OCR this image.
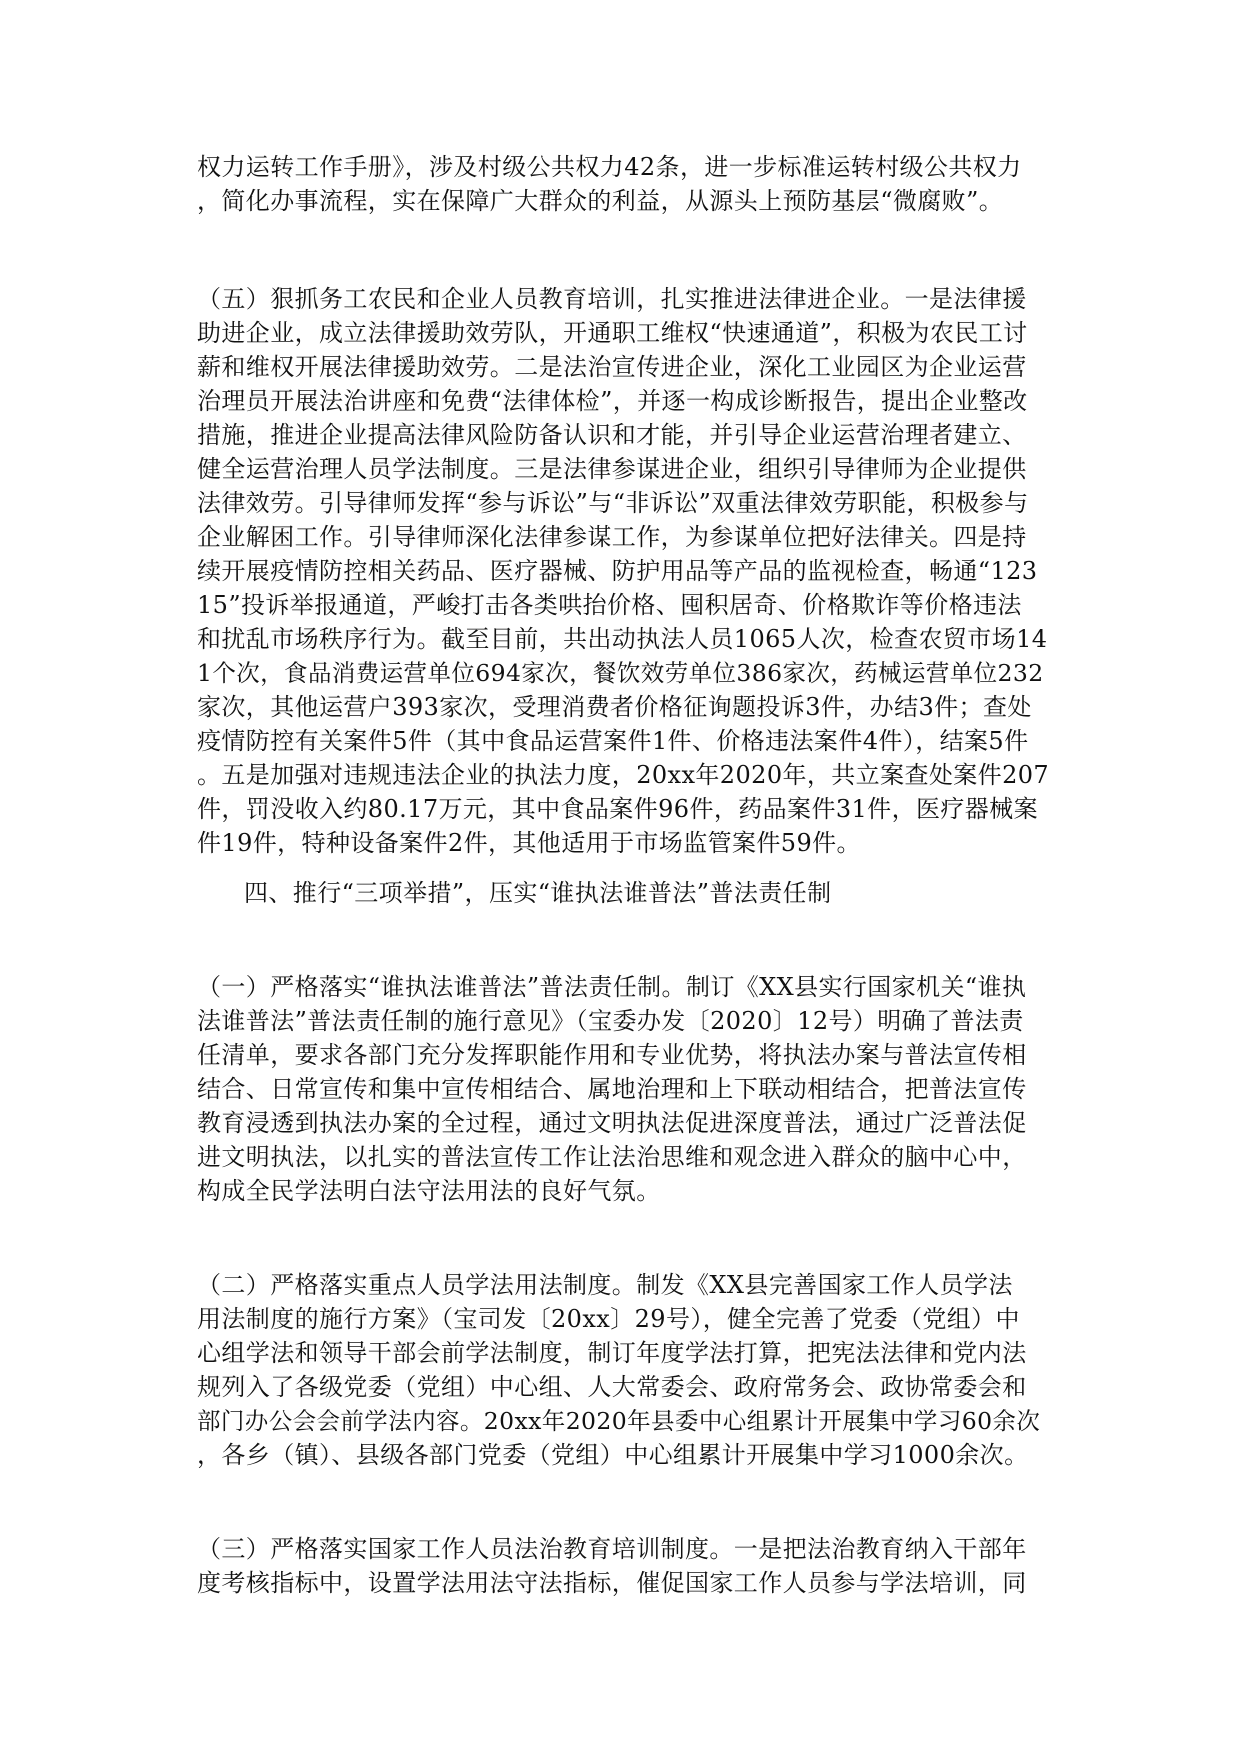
权力运转工作手册》，涉及村级公共权力42条，进一步标准运转村级公共权力
，简化办事流程，实在保障广大群众的利益，从源头上预防基层“微腐败”。
（五）狠抓务工农民和企业人员教育培训，扎实推进法律进企业。一是法律援
助进企业，成立法律援助效劳队，开通职工维权“快速通道”，积极为农民工讨
薪和维权开展法律援助效劳。二是法治宣传进企业，深化工业园区为企业运营
治理员开展法治讲座和免费“法律体检”，并逐一构成诊断报告，提出企业整改
措施，推进企业提高法律风险防备认识和才能，并引导企业运营治理者建立、
健全运营治理人员学法制度。三是法律参谋进企业，组织引导律师为企业提供
法律效劳。引导律师发挥“参与诉讼”与“非诉讼”双重法律效劳职能，积极参与
企业解困工作。引导律师深化法律参谋工作，为参谋单位把好法律关。四是持
续开展疫情防控相关药品、医疗器械、防护用品等产品的监视检查，畅通“123
15”投诉举报通道，严峻打击各类哄抬价格、囤积居奇、价格欺诈等价格违法
和扰乱市场秩序行为。截至目前，共出动执法人员1065人次，检查农贸市场14
1个次，食品消费运营单位694家次，餐饮效劳单位386家次，药械运营单位232
家次，其他运营户393家次，受理消费者价格征询题投诉3件，办结3件；查处
疫情防控有关案件5件（其中食品运营案件1件、价格违法案件4件），结案5件
。五是加强对违规违法企业的执法力度，20xx年2020年，共立案查处案件207
件，罚没收入约80.17万元，其中食品案件96件，药品案件31件，医疗器械案
件19件，特种设备案件2件，其他适用于市场监管案件59件。
四、推行“三项举措”，压实“谁执法谁普法”普法责任制
（一）严格落实“谁执法谁普法”普法责任制。制订《XX县实行国家机关“谁执
法谁普法”普法责任制的施行意见》（宝委办发〔2020〕12号）明确了普法责
任清单，要求各部门充分发挥职能作用和专业优势，将执法办案与普法宣传相
结合、日常宣传和集中宣传相结合、属地治理和上下联动相结合，把普法宣传
教育浸透到执法办案的全过程，通过文明执法促进深度普法，通过广泛普法促
进文明执法，以扎实的普法宣传工作让法治思维和观念进入群众的脑中心中，
构成全民学法明白法守法用法的良好气氛。
（二）严格落实重点人员学法用法制度。制发《XX县完善国家工作人员学法
用法制度的施行方案》（宝司发〔20xx〕29号），健全完善了党委（党组）中
心组学法和领导干部会前学法制度，制订年度学法打算，把宪法法律和党内法
规列入了各级党委（党组）中心组、人大常委会、政府常务会、政协常委会和
部门办公会会前学法内容。20xx年2020年县委中心组累计开展集中学习60余次
，各乡（镇）、县级各部门党委（党组）中心组累计开展集中学习1000余次。
（三）严格落实国家工作人员法治教育培训制度。一是把法治教育纳入干部年
度考核指标中，设置学法用法守法指标，催促国家工作人员参与学法培训，同
